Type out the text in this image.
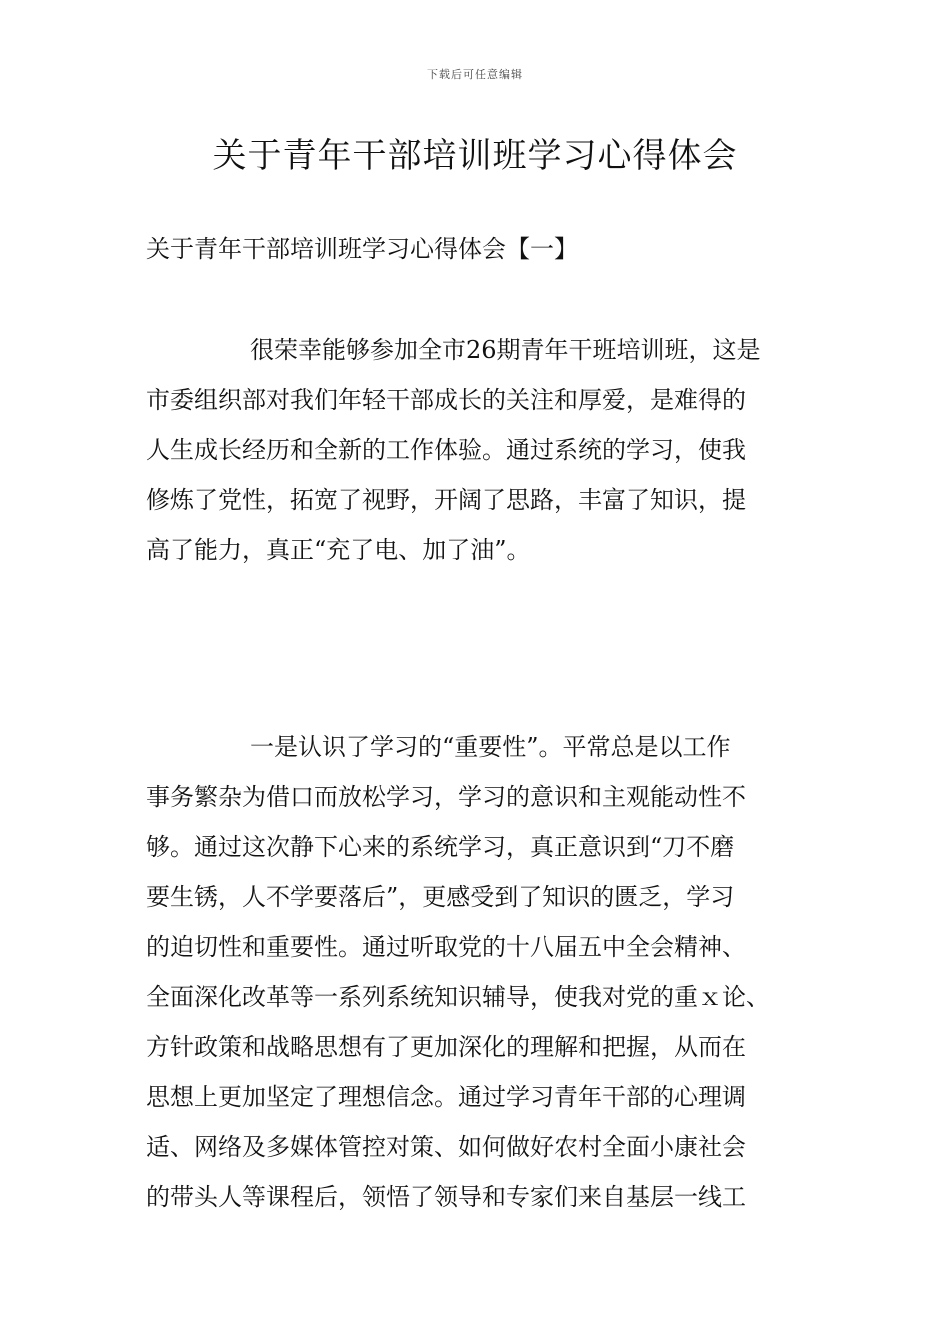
下载后可任意编辑
关于青年干部培训班学习心得体会
关于青年干部培训班学习心得体会【一】
很荣幸能够参加全市26期青年干班培训班，这是
市委组织部对我们年轻干部成长的关注和厚爱，是难得的
人生成长经历和全新的工作体验。通过系统的学习，使我
修炼了党性，拓宽了视野，开阔了思路，丰富了知识，提
高了能力，真正“充了电、加了油”。
一是认识了学习的“重要性”。平常总是以工作
事务繁杂为借口而放松学习，学习的意识和主观能动性不
够。通过这次静下心来的系统学习，真正意识到“刀不磨
要生锈，人不学要落后”，更感受到了知识的匮乏，学习
的迫切性和重要性。通过听取党的十八届五中全会精神、
全面深化改革等一系列系统知识辅导，使我对党的重ｘ论、
方针政策和战略思想有了更加深化的理解和把握，从而在
思想上更加坚定了理想信念。通过学习青年干部的心理调
适、网络及多媒体管控对策、如何做好农村全面小康社会
的带头人等课程后，领悟了领导和专家们来自基层一线工
